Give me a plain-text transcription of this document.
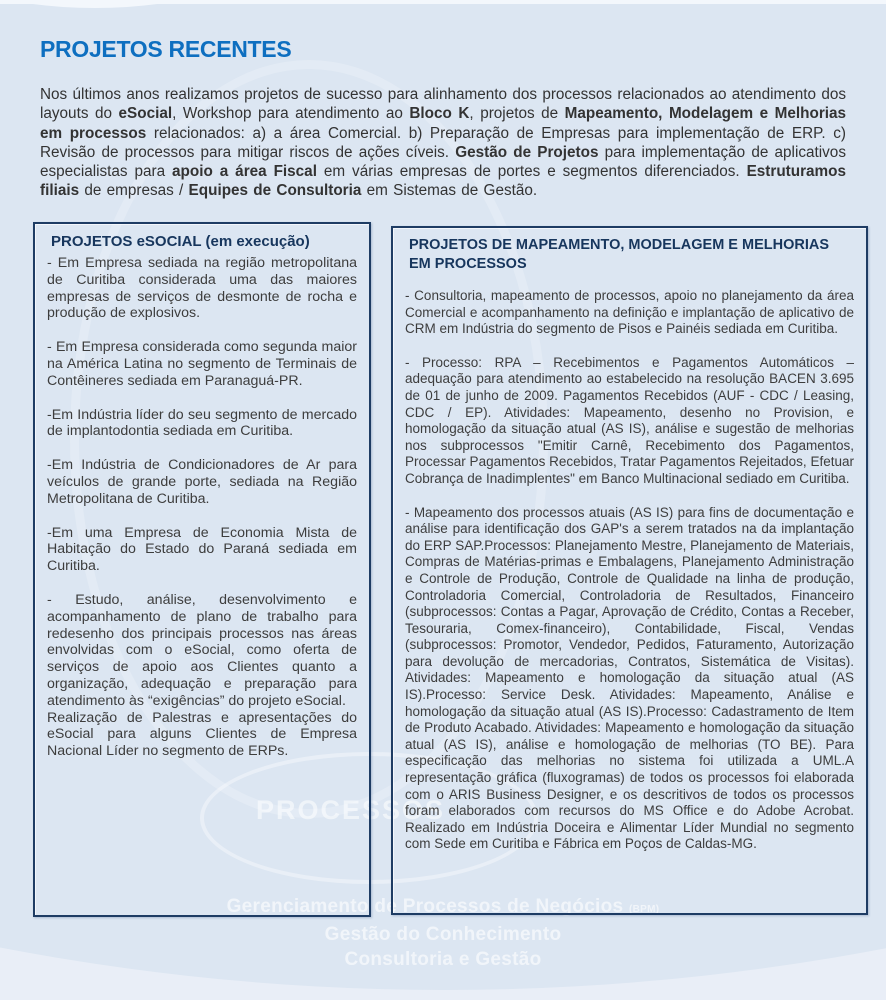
PROCESSOS
Gerenciamento de Processos de Negócios (BPM)
Gestão do Conhecimento
Consultoria e Gestão
PROJETOS RECENTES

Nos últimos anos realizamos projetos de sucesso para alinhamento dos processos relacionados ao atendimento dos layouts do eSocial, Workshop para atendimento ao Bloco K, projetos de Mapeamento, Modelagem e Melhorias em processos relacionados: a) a área Comercial. b) Preparação de Empresas para implementação de ERP. c) Revisão de processos para mitigar riscos de ações cíveis. Gestão de Projetos para implementação de aplicativos especialistas para apoio a área Fiscal em várias empresas de portes e segmentos diferenciados. Estruturamos filiais de empresas / Equipes de Consultoria em Sistemas de Gestão.

PROJETOS eSOCIAL (em execução)

- Em Empresa sediada na região metropolitana de Curitiba considerada uma das maiores empresas de serviços de desmonte de rocha e produção de explosivos.

- Em Empresa considerada como segunda maior na América Latina no segmento de Terminais de Contêineres sediada em Paranaguá-PR.

-Em Indústria líder do seu segmento de mercado de implantodontia sediada em Curitiba.

-Em Indústria de Condicionadores de Ar para veículos de grande porte, sediada na Região Metropolitana de Curitiba.

-Em uma Empresa de Economia Mista de Habitação do Estado do Paraná sediada em Curitiba.

- Estudo, análise, desenvolvimento e acompanhamento de plano de trabalho para redesenho dos principais processos nas áreas envolvidas com o eSocial, como oferta de serviços de apoio aos Clientes quanto a organização, adequação e preparação para atendimento às “exigências” do projeto eSocial.

Realização de Palestras e apresentações do eSocial para alguns Clientes de Empresa Nacional Líder no segmento de ERPs.

PROJETOS DE MAPEAMENTO, MODELAGEM E MELHORIAS EM PROCESSOS

- Consultoria, mapeamento de processos, apoio no planejamento da área Comercial e acompanhamento na definição e implantação de aplicativo de CRM em Indústria do segmento de Pisos e Painéis sediada em Curitiba.

- Processo: RPA – Recebimentos e Pagamentos Automáticos – adequação para atendimento ao estabelecido na resolução BACEN 3.695 de 01 de junho de 2009. Pagamentos Recebidos (AUF - CDC / Leasing, CDC / EP). Atividades: Mapeamento, desenho no Provision, e homologação da situação atual (AS IS), análise e sugestão de melhorias nos subprocessos "Emitir Carnê, Recebimento dos Pagamentos, Processar Pagamentos Recebidos, Tratar Pagamentos Rejeitados, Efetuar Cobrança de Inadimplentes" em Banco Multinacional sediado em Curitiba.

- Mapeamento dos processos atuais (AS IS) para fins de documentação e análise para identificação dos GAP's a serem tratados na da implantação do ERP SAP.Processos: Planejamento Mestre, Planejamento de Materiais, Compras de Matérias-primas e Embalagens, Planejamento Administração e Controle de Produção, Controle de Qualidade na linha de produção, Controladoria Comercial, Controladoria de Resultados, Financeiro (subprocessos: Contas a Pagar, Aprovação de Crédito, Contas a Receber, Tesouraria, Comex-financeiro), Contabilidade, Fiscal, Vendas (subprocessos: Promotor, Vendedor, Pedidos, Faturamento, Autorização para devolução de mercadorias, Contratos, Sistemática de Visitas). Atividades: Mapeamento e homologação da situação atual (AS IS).Processo: Service Desk. Atividades: Mapeamento, Análise e homologação da situação atual (AS IS).Processo: Cadastramento de Item de Produto Acabado. Atividades: Mapeamento e homologação da situação atual (AS IS), análise e homologação de melhorias (TO BE). Para especificação das melhorias no sistema foi utilizada a UML.A representação gráfica (fluxogramas) de todos os processos foi elaborada com o ARIS Business Designer, e os descritivos de todos os processos foram elaborados com recursos do MS Office e do Adobe Acrobat. Realizado em Indústria Doceira e Alimentar Líder Mundial no segmento com Sede em Curitiba e Fábrica em Poços de Caldas-MG.
